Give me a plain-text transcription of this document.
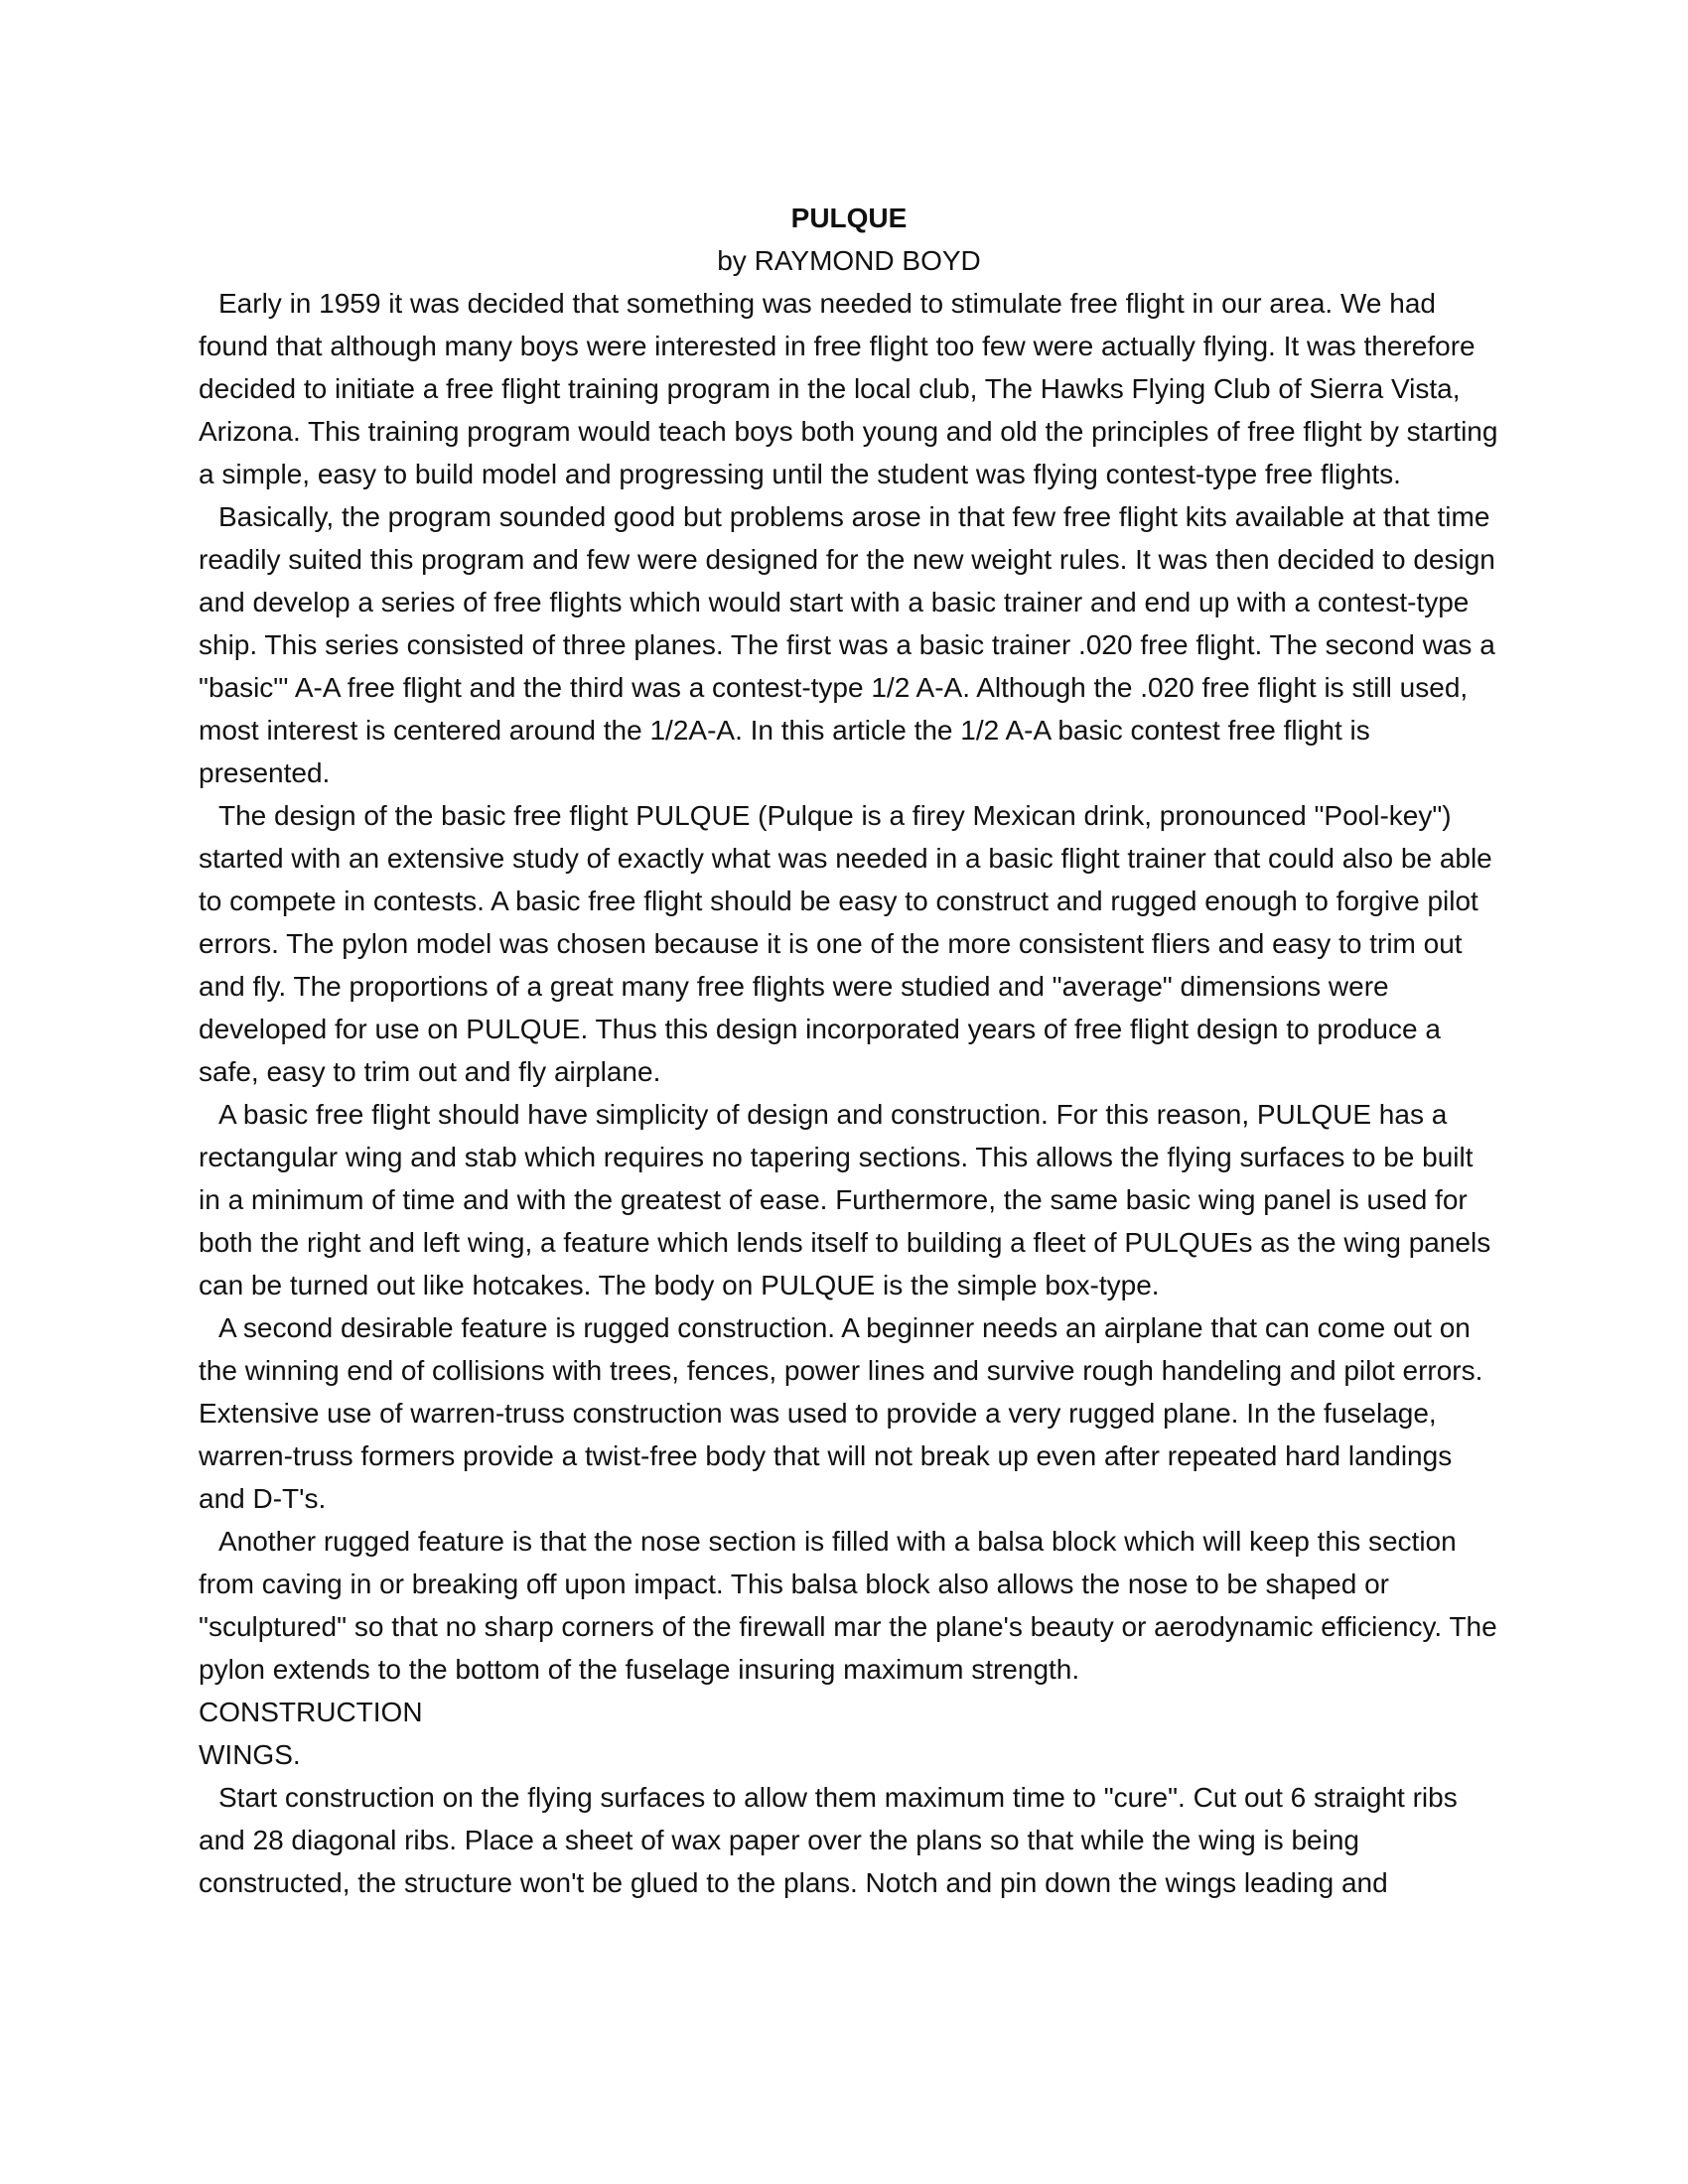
PULQUE

by RAYMOND BOYD

Early in 1959 it was decided that something was needed to stimulate free flight in our area. We had found that although many boys were interested in free flight too few were actually flying. It was therefore decided to initiate a free flight training program in the local club, The Hawks Flying Club of Sierra Vista, Arizona. This training program would teach boys both young and old the principles of free flight by starting a simple, easy to build model and progressing until the student was flying contest-type free flights.

Basically, the program sounded good but problems arose in that few free flight kits available at that time readily suited this program and few were designed for the new weight rules. It was then decided to design and develop a series of free flights which would start with a basic trainer and end up with a contest-type ship. This series consisted of three planes. The first was a basic trainer .020 free flight. The second was a "basic"' A-A free flight and the third was a contest-type 1/2 A-A. Although the .020 free flight is still used, most interest is centered around the 1/2A-A. In this article the 1/2 A-A basic contest free flight is presented.

The design of the basic free flight PULQUE (Pulque is a firey Mexican drink, pronounced "Pool-key") started with an extensive study of exactly what was needed in a basic flight trainer that could also be able to compete in contests. A basic free flight should be easy to construct and rugged enough to forgive pilot errors. The pylon model was chosen because it is one of the more consistent fliers and easy to trim out and fly. The proportions of a great many free flights were studied and "average" dimensions were developed for use on PULQUE. Thus this design incorporated years of free flight design to produce a safe, easy to trim out and fly airplane.

A basic free flight should have simplicity of design and construction. For this reason, PULQUE has a rectangular wing and stab which requires no tapering sections. This allows the flying surfaces to be built in a minimum of time and with the greatest of ease. Furthermore, the same basic wing panel is used for both the right and left wing, a feature which lends itself to building a fleet of PULQUEs as the wing panels can be turned out like hotcakes. The body on PULQUE is the simple box-type.

A second desirable feature is rugged construction. A beginner needs an airplane that can come out on the winning end of collisions with trees, fences, power lines and survive rough handeling and pilot errors. Extensive use of warren-truss construction was used to provide a very rugged plane. In the fuselage, warren-truss formers provide a twist-free body that will not break up even after repeated hard landings and D-T's.

Another rugged feature is that the nose section is filled with a balsa block which will keep this section from caving in or breaking off upon impact. This balsa block also allows the nose to be shaped or "sculptured" so that no sharp corners of the firewall mar the plane's beauty or aerodynamic efficiency. The pylon extends to the bottom of the fuselage insuring maximum strength.

CONSTRUCTION

WINGS.

Start construction on the flying surfaces to allow them maximum time to "cure". Cut out 6 straight ribs and 28 diagonal ribs. Place a sheet of wax paper over the plans so that while the wing is being constructed, the structure won't be glued to the plans. Notch and pin down the wings leading and
